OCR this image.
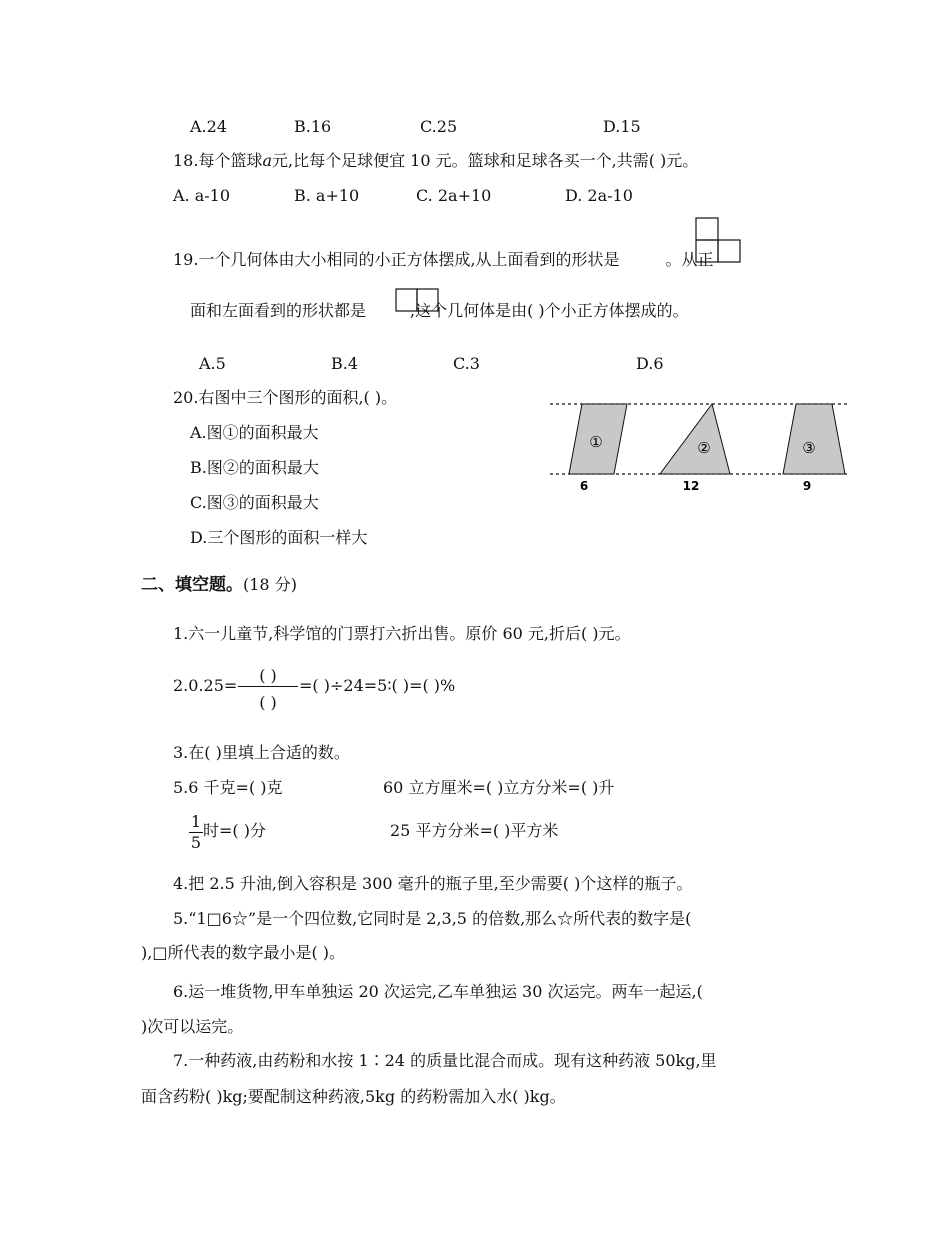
A.24	B.16	C.25	D.15
18.每个篮球a元,比每个足球便宜 10 元。篮球和足球各买一个,共需( )元。
A. a-10	B. a+10	C. 2a+10	D. 2a-10
19.一个几何体由大小相同的小正方体摆成,从上面看到的形状是	。从正
面和左面看到的形状都是	,这个几何体是由( )个小正方体摆成的。
A.5	B.4	C.3	D.6
20.右图中三个图形的面积,( )。
A.图①的面积最大
B.图②的面积最大
C.图③的面积最大
D.三个图形的面积一样大
①	②	③
6	12	9
二、填空题。(18 分)
1.六一儿童节,科学馆的门票打六折出售。原价 60 元,折后( )元。
2.0.25=
( )
( )
=( )÷24=5∶( )=( )%
3.在( )里填上合适的数。
5.6 千克=( )克	60 立方厘米=( )立方分米=( )升
$\frac{1}{5}$ 时=( )分	25 平方分米=( )平方米
4.把 2.5 升油,倒入容积是 300 毫升的瓶子里,至少需要( )个这样的瓶子。
5.“1□6☆”是一个四位数,它同时是 2,3,5 的倍数,那么☆所代表的数字是(
),□所代表的数字最小是( )。
6.运一堆货物,甲车单独运 20 次运完,乙车单独运 30 次运完。两车一起运,(
)次可以运完。
7.一种药液,由药粉和水按 1∶24 的质量比混合而成。现有这种药液 50kg,里
面含药粉( )kg;要配制这种药液,5kg 的药粉需加入水( )kg。
